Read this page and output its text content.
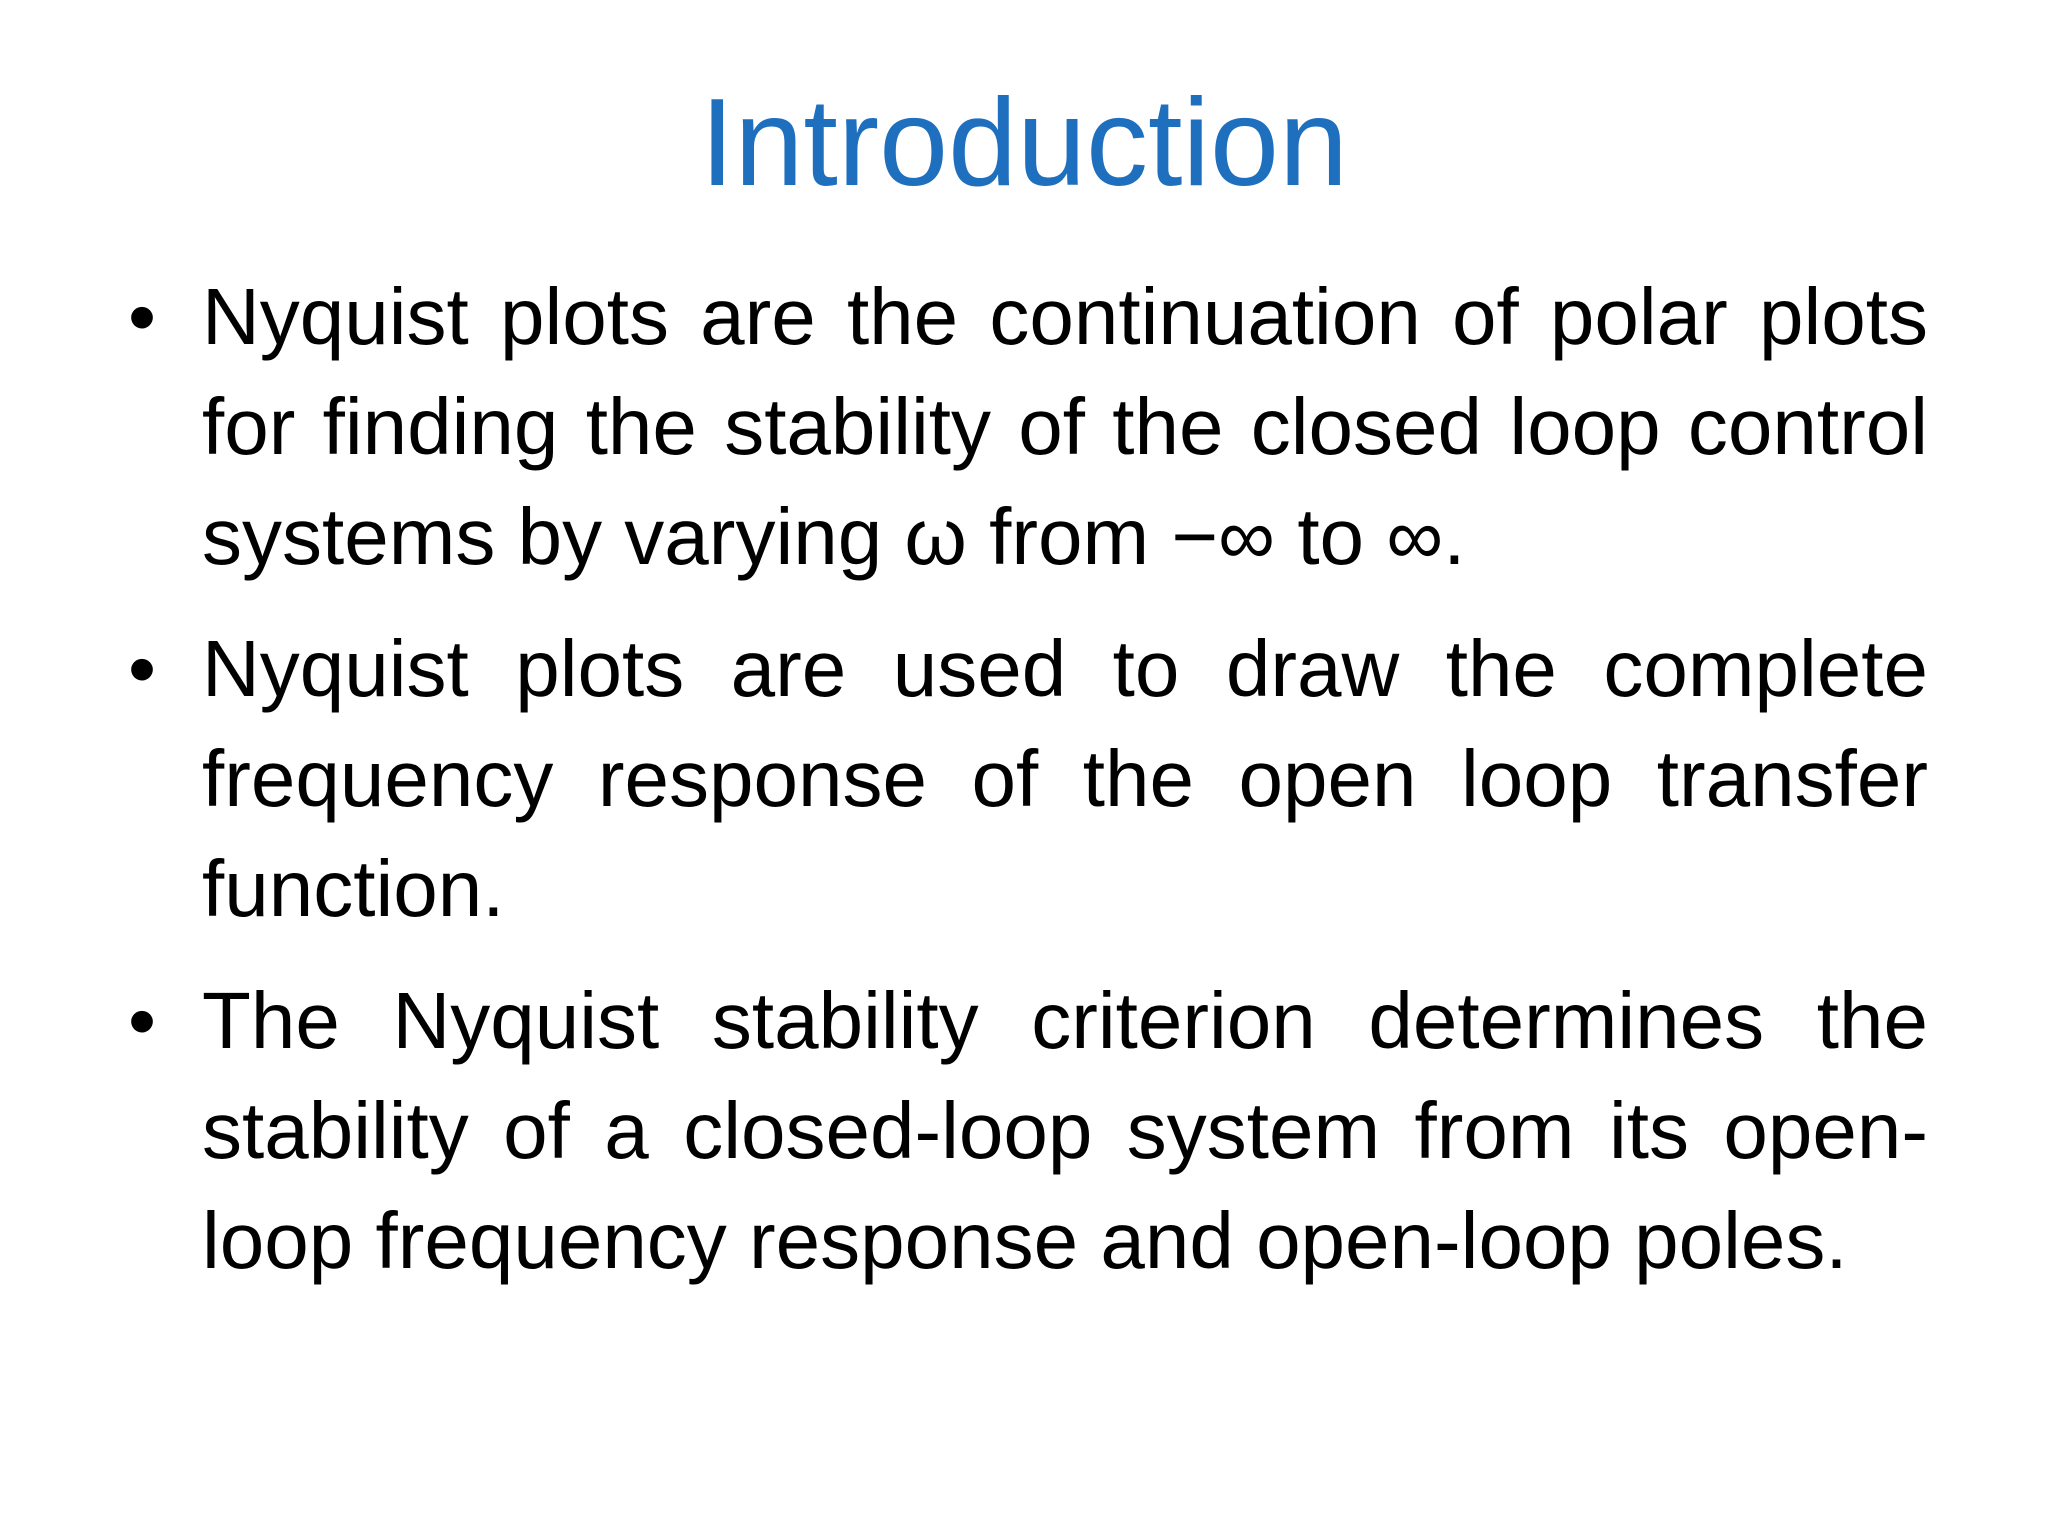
Introduction
• Nyquist plots are the continuation of polar plots for finding the stability of the closed loop control systems by varying ω from −∞ to ∞.
• Nyquist plots are used to draw the complete frequency response of the open loop transfer function.
• The Nyquist stability criterion determines the stability of a closed-loop system from its open-loop frequency response and open-loop poles.
